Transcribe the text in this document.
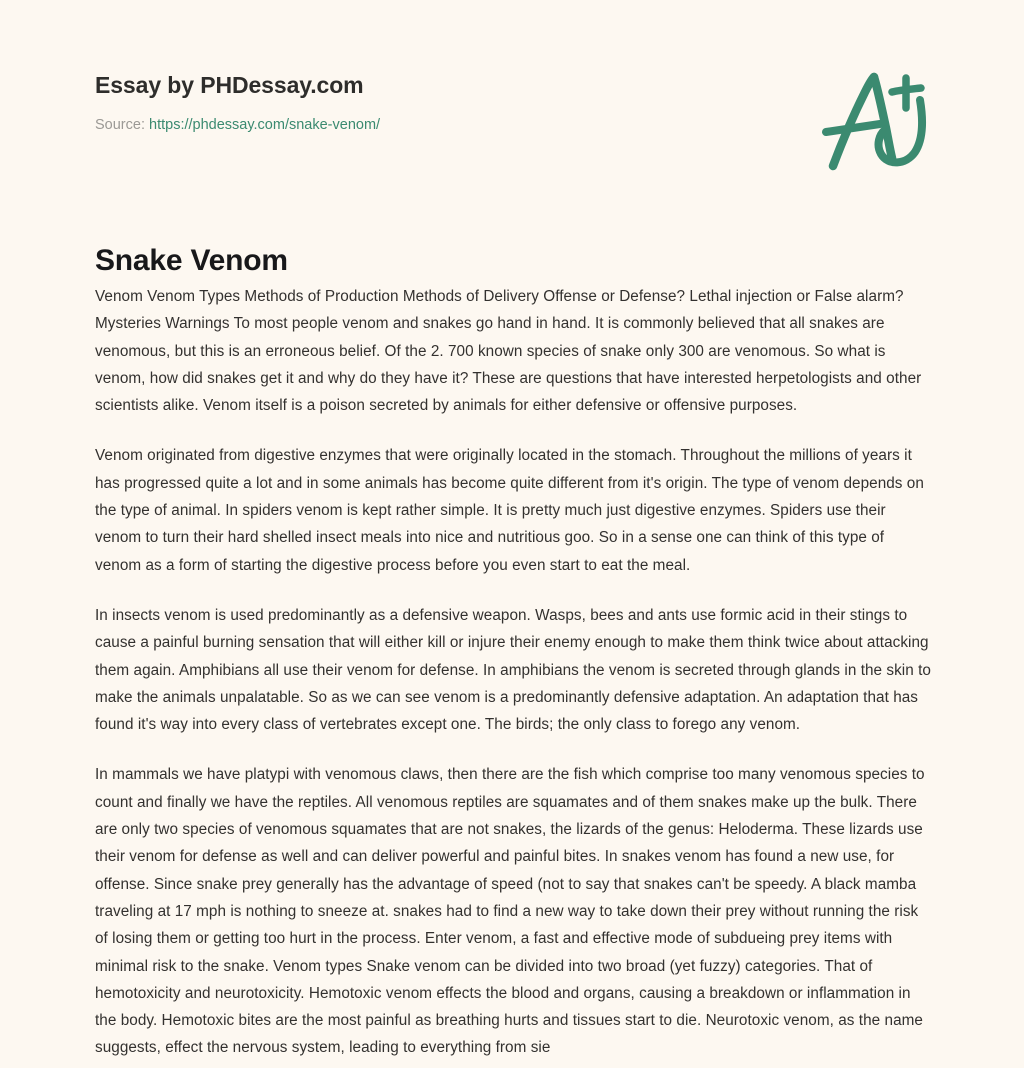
Essay by PHDessay.com
Source: https://phdessay.com/snake-venom/
Snake Venom

Venom Venom Types Methods of Production Methods of Delivery Offense or Defense? Lethal injection or False alarm? Mysteries Warnings To most people venom and snakes go hand in hand. It is commonly believed that all snakes are venomous, but this is an erroneous belief. Of the 2. 700 known species of snake only 300 are venomous. So what is venom, how did snakes get it and why do they have it? These are questions that have interested herpetologists and other scientists alike. Venom itself is a poison secreted by animals for either defensive or offensive purposes.

Venom originated from digestive enzymes that were originally located in the stomach. Throughout the millions of years it has progressed quite a lot and in some animals has become quite different from it's origin. The type of venom depends on the type of animal. In spiders venom is kept rather simple. It is pretty much just digestive enzymes. Spiders use their venom to turn their hard shelled insect meals into nice and nutritious goo. So in a sense one can think of this type of venom as a form of starting the digestive process before you even start to eat the meal.

In insects venom is used predominantly as a defensive weapon. Wasps, bees and ants use formic acid in their stings to cause a painful burning sensation that will either kill or injure their enemy enough to make them think twice about attacking them again. Amphibians all use their venom for defense. In amphibians the venom is secreted through glands in the skin to make the animals unpalatable. So as we can see venom is a predominantly defensive adaptation. An adaptation that has found it's way into every class of vertebrates except one. The birds; the only class to forego any venom.

In mammals we have platypi with venomous claws, then there are the fish which comprise too many venomous species to count and finally we have the reptiles. All venomous reptiles are squamates and of them snakes make up the bulk. There are only two species of venomous squamates that are not snakes, the lizards of the genus: Heloderma. These lizards use their venom for defense as well and can deliver powerful and painful bites. In snakes venom has found a new use, for offense. Since snake prey generally has the advantage of speed (not to say that snakes can't be speedy. A black mamba traveling at 17 mph is nothing to sneeze at. snakes had to find a new way to take down their prey without running the risk of losing them or getting too hurt in the process. Enter venom, a fast and effective mode of subdueing prey items with minimal risk to the snake. Venom types Snake venom can be divided into two broad (yet fuzzy) categories. That of hemotoxicity and neurotoxicity. Hemotoxic venom effects the blood and organs, causing a breakdown or inflammation in the body. Hemotoxic bites are the most painful as breathing hurts and tissues start to die. Neurotoxic venom, as the name suggests, effect the nervous system, leading to everything from sie
